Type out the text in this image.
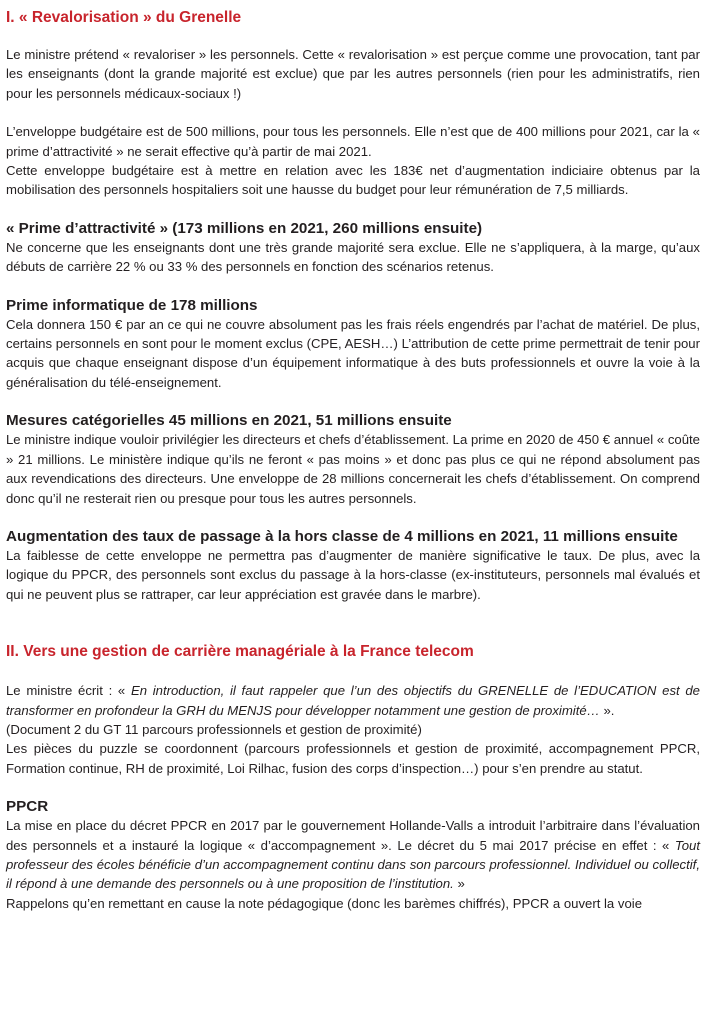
I. « Revalorisation » du Grenelle

Le ministre prétend « revaloriser » les personnels. Cette « revalorisation » est perçue comme une provocation, tant par les enseignants (dont la grande majorité est exclue) que par les autres personnels (rien pour les administratifs, rien pour les personnels médicaux-sociaux !)

L’enveloppe budgétaire est de 500 millions, pour tous les personnels. Elle n’est que de 400 millions pour 2021, car la « prime d’attractivité » ne serait effective qu’à partir de mai 2021.

Cette enveloppe budgétaire est à mettre en relation avec les 183€ net d’augmentation indiciaire obtenus par la mobilisation des personnels hospitaliers soit une hausse du budget pour leur rémunération de 7,5 milliards.

« Prime d’attractivité » (173 millions en 2021, 260 millions ensuite)

Ne concerne que les enseignants dont une très grande majorité sera exclue. Elle ne s’appliquera, à la marge, qu’aux débuts de carrière 22 % ou 33 % des personnels en fonction des scénarios retenus.

Prime informatique de 178 millions

Cela donnera 150 € par an ce qui ne couvre absolument pas les frais réels engendrés par l’achat de matériel. De plus, certains personnels en sont pour le moment exclus (CPE, AESH…) L’attribution de cette prime permettrait de tenir pour acquis que chaque enseignant dispose d’un équipement informatique à des buts professionnels et ouvre la voie à la généralisation du télé-enseignement.

Mesures catégorielles 45 millions en 2021, 51 millions ensuite

Le ministre indique vouloir privilégier les directeurs et chefs d’établissement. La prime en 2020 de 450 € annuel « coûte » 21 millions. Le ministère indique qu’ils ne feront « pas moins » et donc pas plus ce qui ne répond absolument pas aux revendications des directeurs. Une enveloppe de 28 millions concernerait les chefs d’établissement. On comprend donc qu’il ne resterait rien ou presque pour tous les autres personnels.

Augmentation des taux de passage à la hors classe de 4 millions en 2021, 11 millions ensuite

La faiblesse de cette enveloppe ne permettra pas d’augmenter de manière significative le taux. De plus, avec la logique du PPCR, des personnels sont exclus du passage à la hors-classe (ex-instituteurs, personnels mal évalués et qui ne peuvent plus se rattraper, car leur appréciation est gravée dans le marbre).

II. Vers une gestion de carrière managériale à la France telecom

Le ministre écrit : « En introduction, il faut rappeler que l’un des objectifs du GRENELLE de l’EDUCATION est de transformer en profondeur la GRH du MENJS pour développer notamment une gestion de proximité… ».

(Document 2 du GT 11 parcours professionnels et gestion de proximité)

Les pièces du puzzle se coordonnent (parcours professionnels et gestion de proximité, accompagnement PPCR, Formation continue, RH de proximité, Loi Rilhac, fusion des corps d’inspection…) pour s’en prendre au statut.

PPCR

La mise en place du décret PPCR en 2017 par le gouvernement Hollande-Valls a introduit l’arbitraire dans l’évaluation des personnels et a instauré la logique « d’accompagnement ». Le décret du 5 mai 2017 précise en effet : « Tout professeur des écoles bénéficie d’un accompagnement continu dans son parcours professionnel. Individuel ou collectif, il répond à une demande des personnels ou à une proposition de l’institution. »

Rappelons qu’en remettant en cause la note pédagogique (donc les barèmes chiffrés), PPCR a ouvert la voie
